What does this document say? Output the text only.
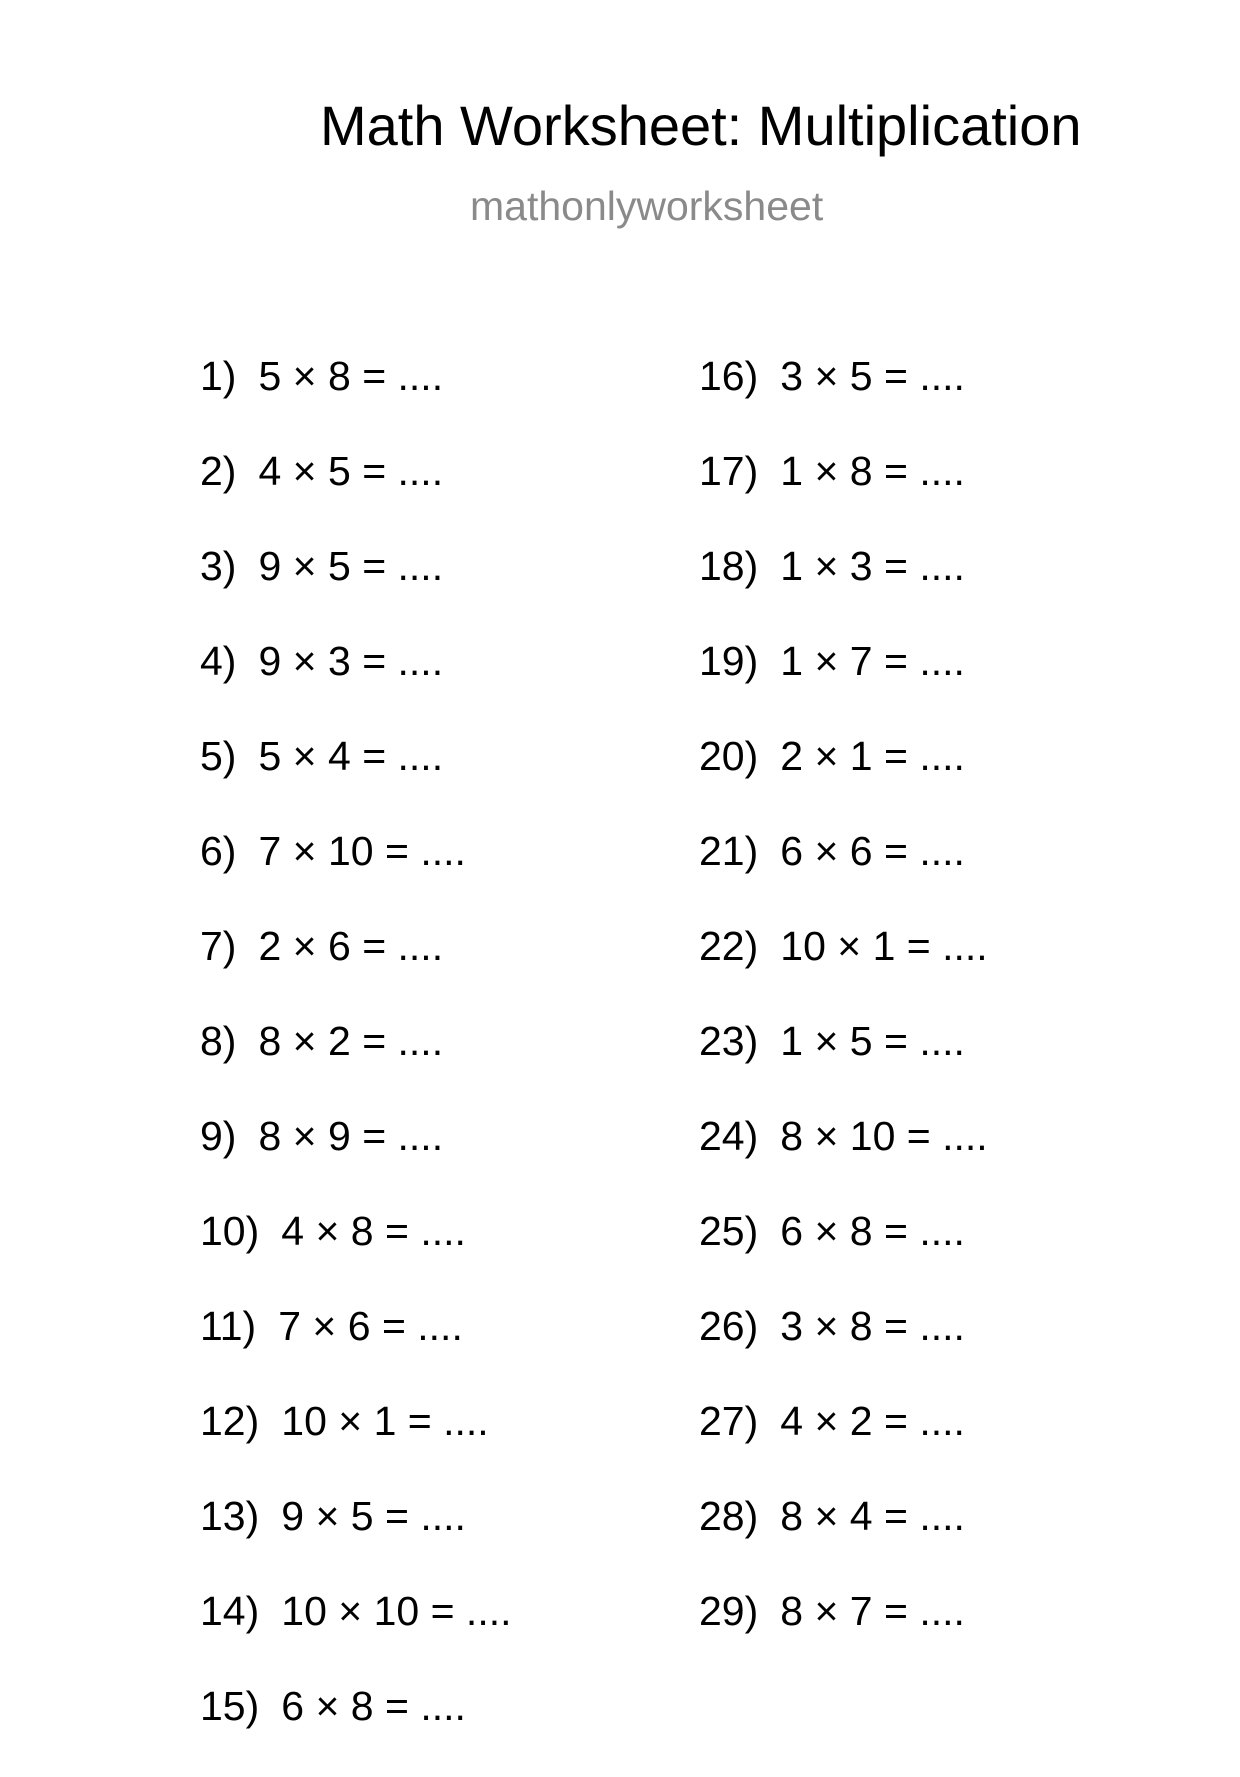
Math Worksheet: Multiplication
mathonlyworksheet
1) 5 × 8 = ....
2) 4 × 5 = ....
3) 9 × 5 = ....
4) 9 × 3 = ....
5) 5 × 4 = ....
6) 7 × 10 = ....
7) 2 × 6 = ....
8) 8 × 2 = ....
9) 8 × 9 = ....
10) 4 × 8 = ....
11) 7 × 6 = ....
12) 10 × 1 = ....
13) 9 × 5 = ....
14) 10 × 10 = ....
15) 6 × 8 = ....
16) 3 × 5 = ....
17) 1 × 8 = ....
18) 1 × 3 = ....
19) 1 × 7 = ....
20) 2 × 1 = ....
21) 6 × 6 = ....
22) 10 × 1 = ....
23) 1 × 5 = ....
24) 8 × 10 = ....
25) 6 × 8 = ....
26) 3 × 8 = ....
27) 4 × 2 = ....
28) 8 × 4 = ....
29) 8 × 7 = ....
